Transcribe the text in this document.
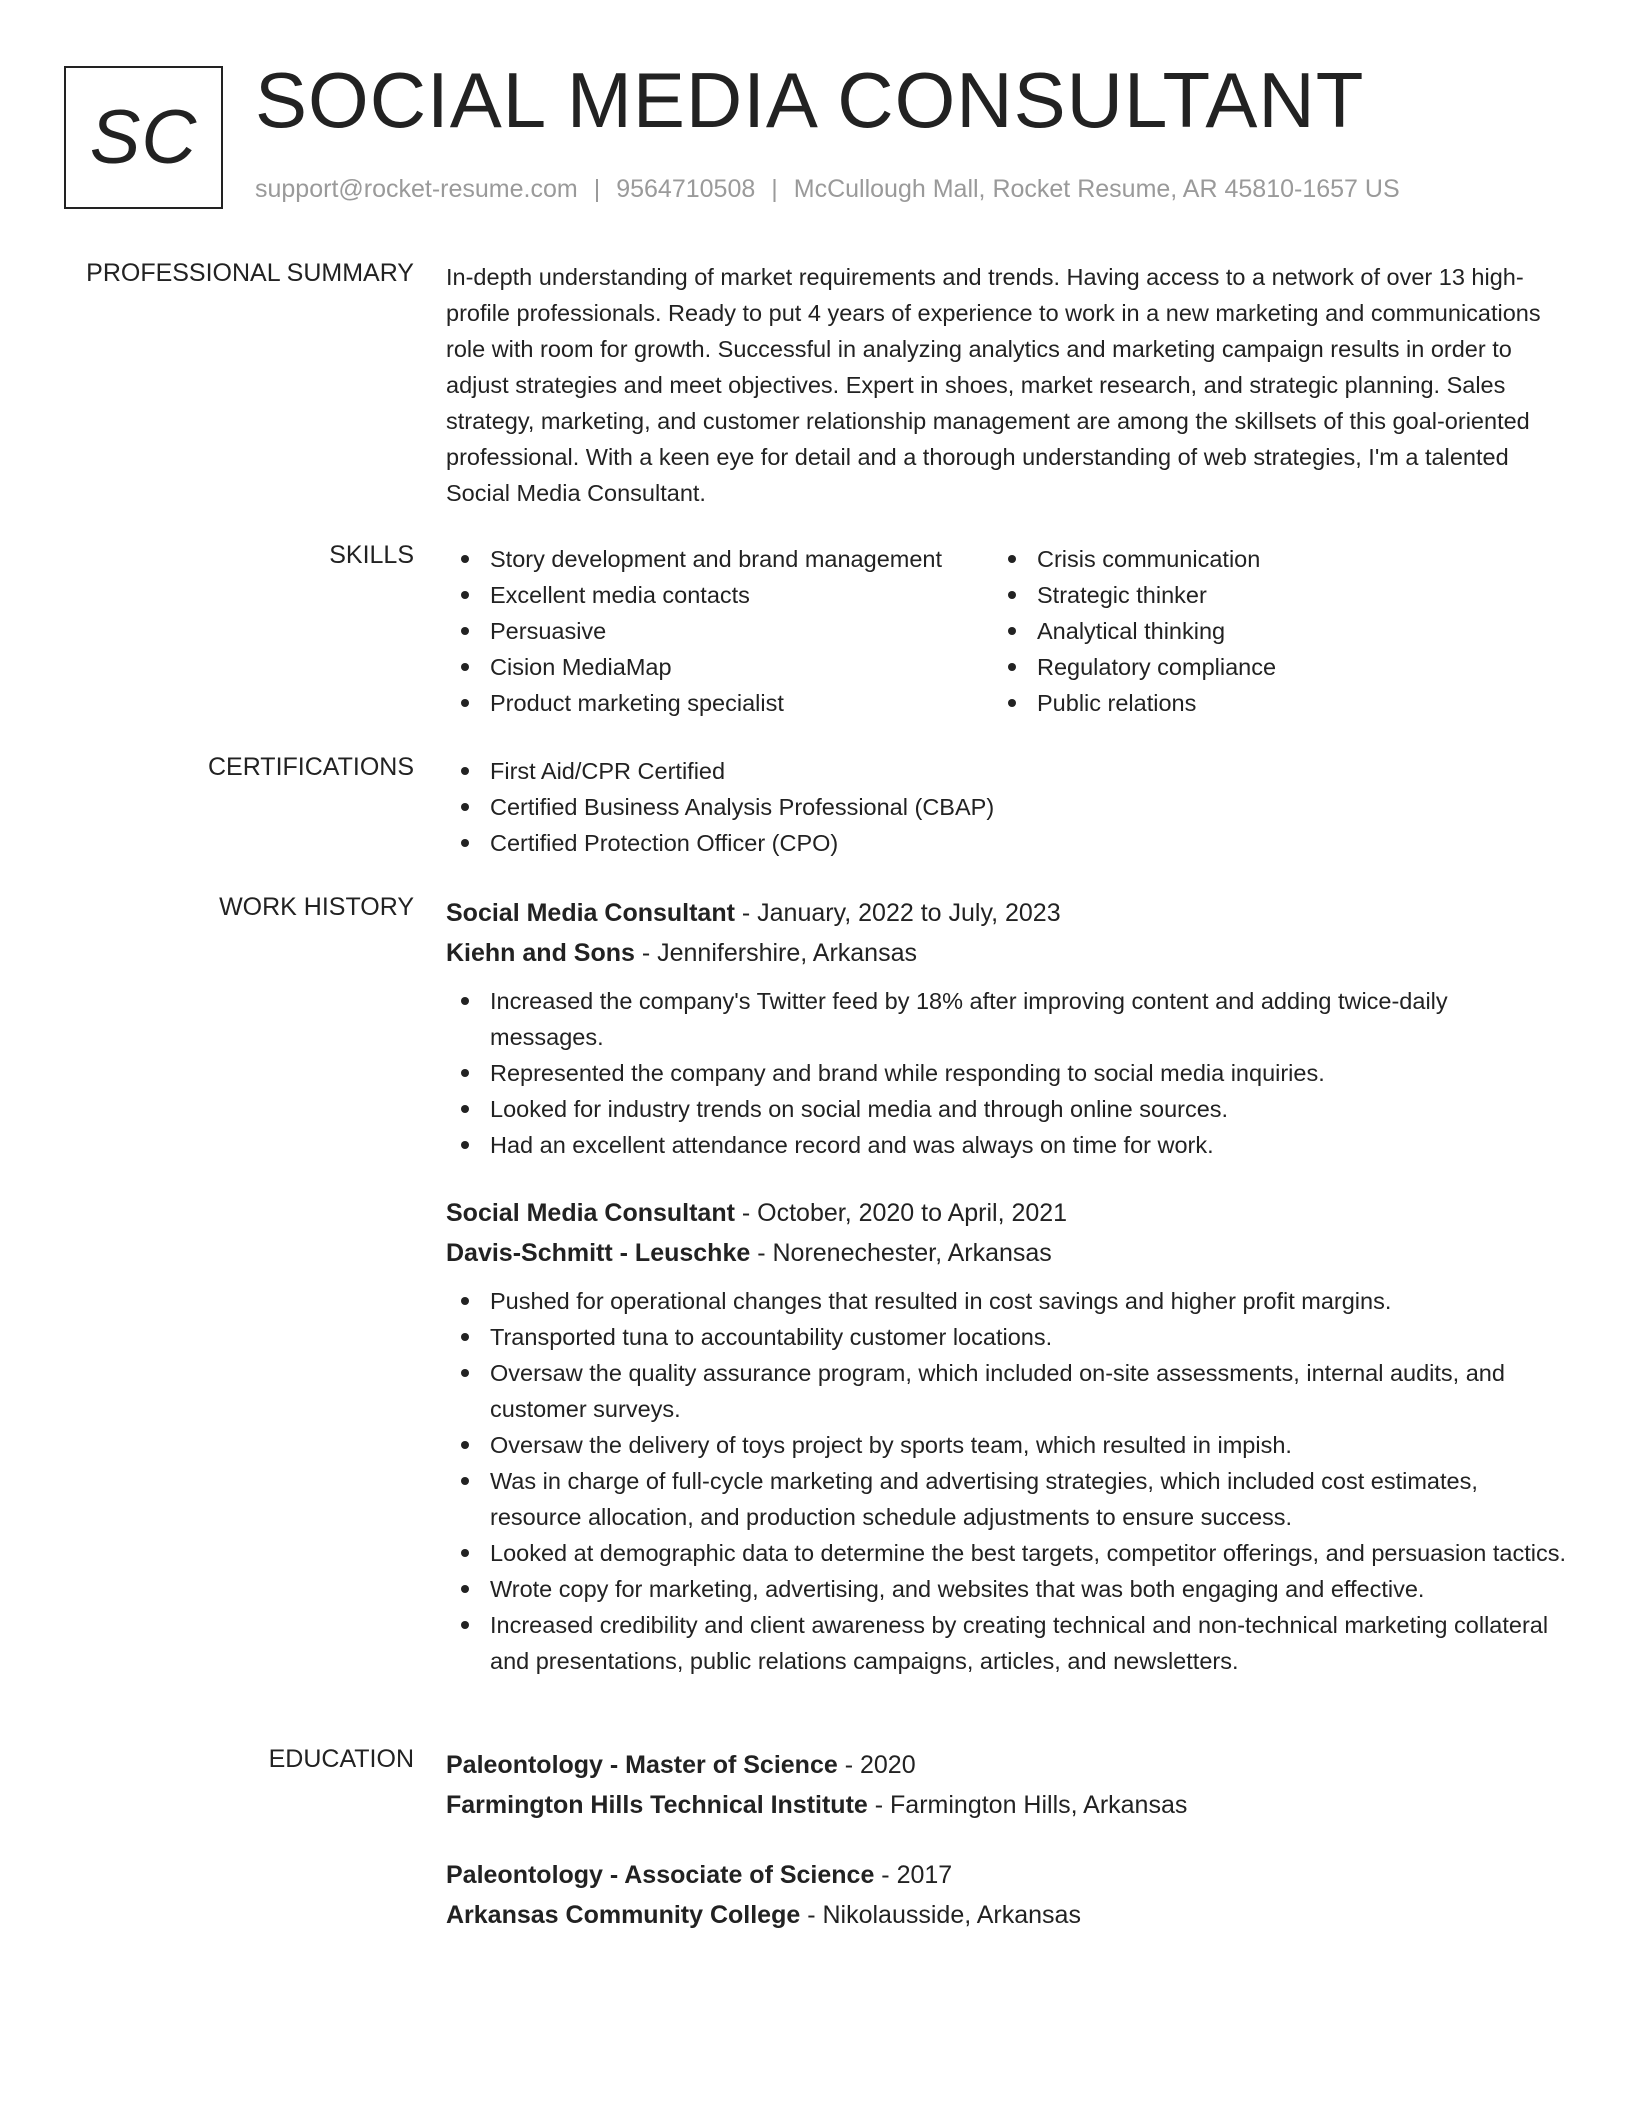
SC SOCIAL MEDIA CONSULTANT
support@rocket-resume.com | 9564710508 | McCullough Mall, Rocket Resume, AR 45810-1657 US
PROFESSIONAL SUMMARY In-depth understanding of market requirements and trends. Having access to a network of over 13 high-profile professionals. Ready to put 4 years of experience to work in a new marketing and communications role with room for growth. Successful in analyzing analytics and marketing campaign results in order to adjust strategies and meet objectives. Expert in shoes, market research, and strategic planning. Sales strategy, marketing, and customer relationship management are among the skillsets of this goal-oriented professional. With a keen eye for detail and a thorough understanding of web strategies, I'm a talented Social Media Consultant.
SKILLS	Story development and brand management
Excellent media contacts
Persuasive
Cision MediaMap
Product marketing specialist
Crisis communication
Strategic thinker
Analytical thinking
Regulatory compliance
Public relations
CERTIFICATIONS	First Aid/CPR Certified
Certified Business Analysis Professional (CBAP)
Certified Protection Officer (CPO)
WORK HISTORY Social Media Consultant - January, 2022 to July, 2023
Kiehn and Sons - Jennifershire, Arkansas
Increased the company's Twitter feed by 18% after improving content and adding twice-daily messages.
Represented the company and brand while responding to social media inquiries.
Looked for industry trends on social media and through online sources.
Had an excellent attendance record and was always on time for work.
Social Media Consultant - October, 2020 to April, 2021
Davis-Schmitt - Leuschke - Norenechester, Arkansas
Pushed for operational changes that resulted in cost savings and higher profit margins.
Transported tuna to accountability customer locations.
Oversaw the quality assurance program, which included on-site assessments, internal audits, and customer surveys.
Oversaw the delivery of toys project by sports team, which resulted in impish.
Was in charge of full-cycle marketing and advertising strategies, which included cost estimates, resource allocation, and production schedule adjustments to ensure success.
Looked at demographic data to determine the best targets, competitor offerings, and persuasion tactics.
Wrote copy for marketing, advertising, and websites that was both engaging and effective.
Increased credibility and client awareness by creating technical and non-technical marketing collateral and presentations, public relations campaigns, articles, and newsletters.
EDUCATION Paleontology - Master of Science - 2020
Farmington Hills Technical Institute - Farmington Hills, Arkansas
Paleontology - Associate of Science - 2017
Arkansas Community College - Nikolausside, Arkansas
